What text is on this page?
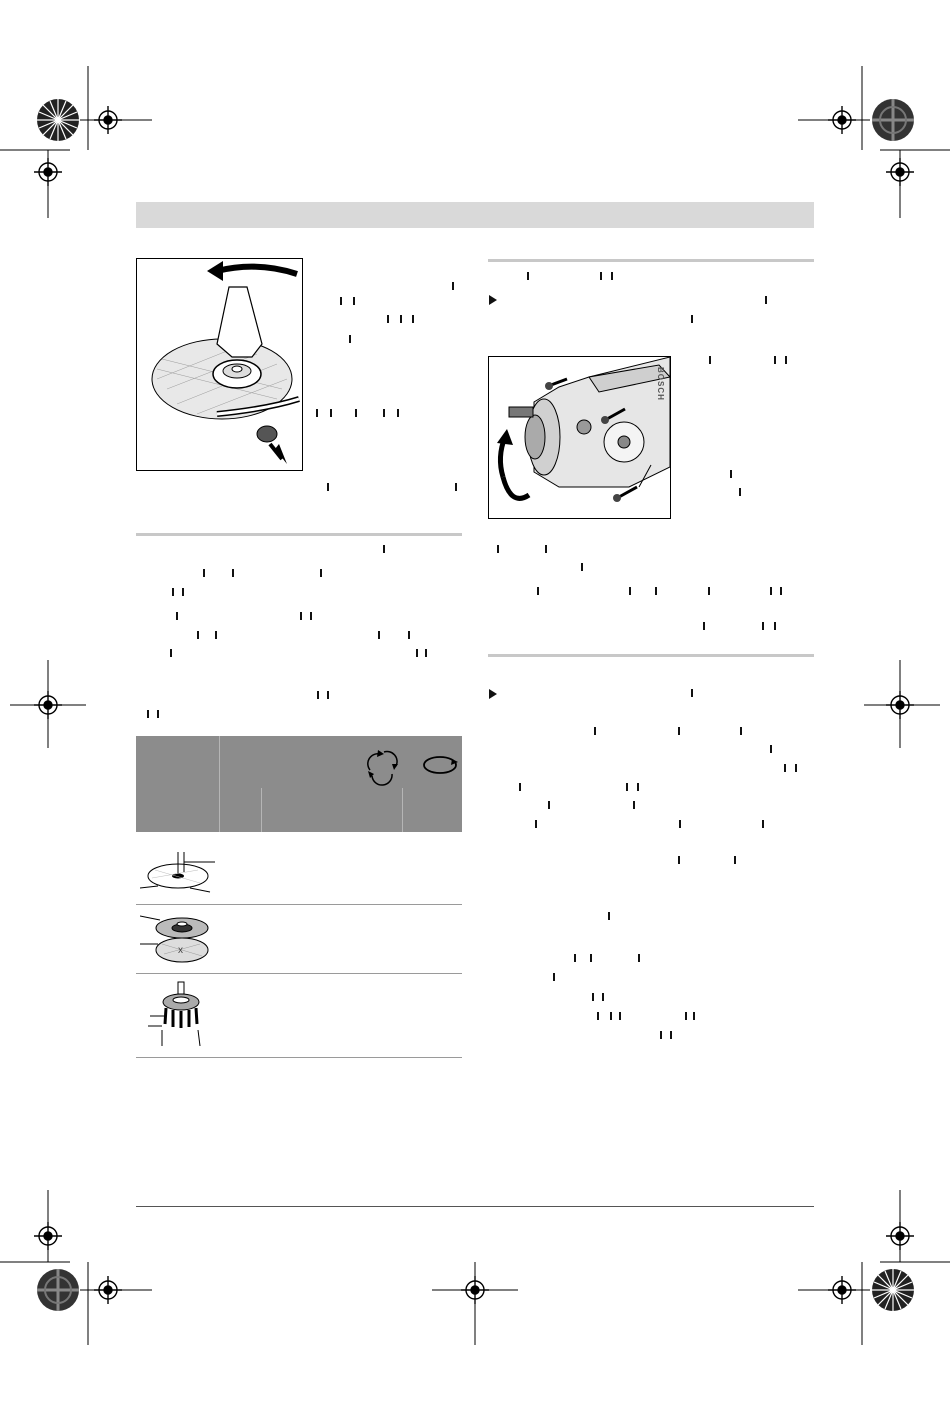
x
BOSCH
